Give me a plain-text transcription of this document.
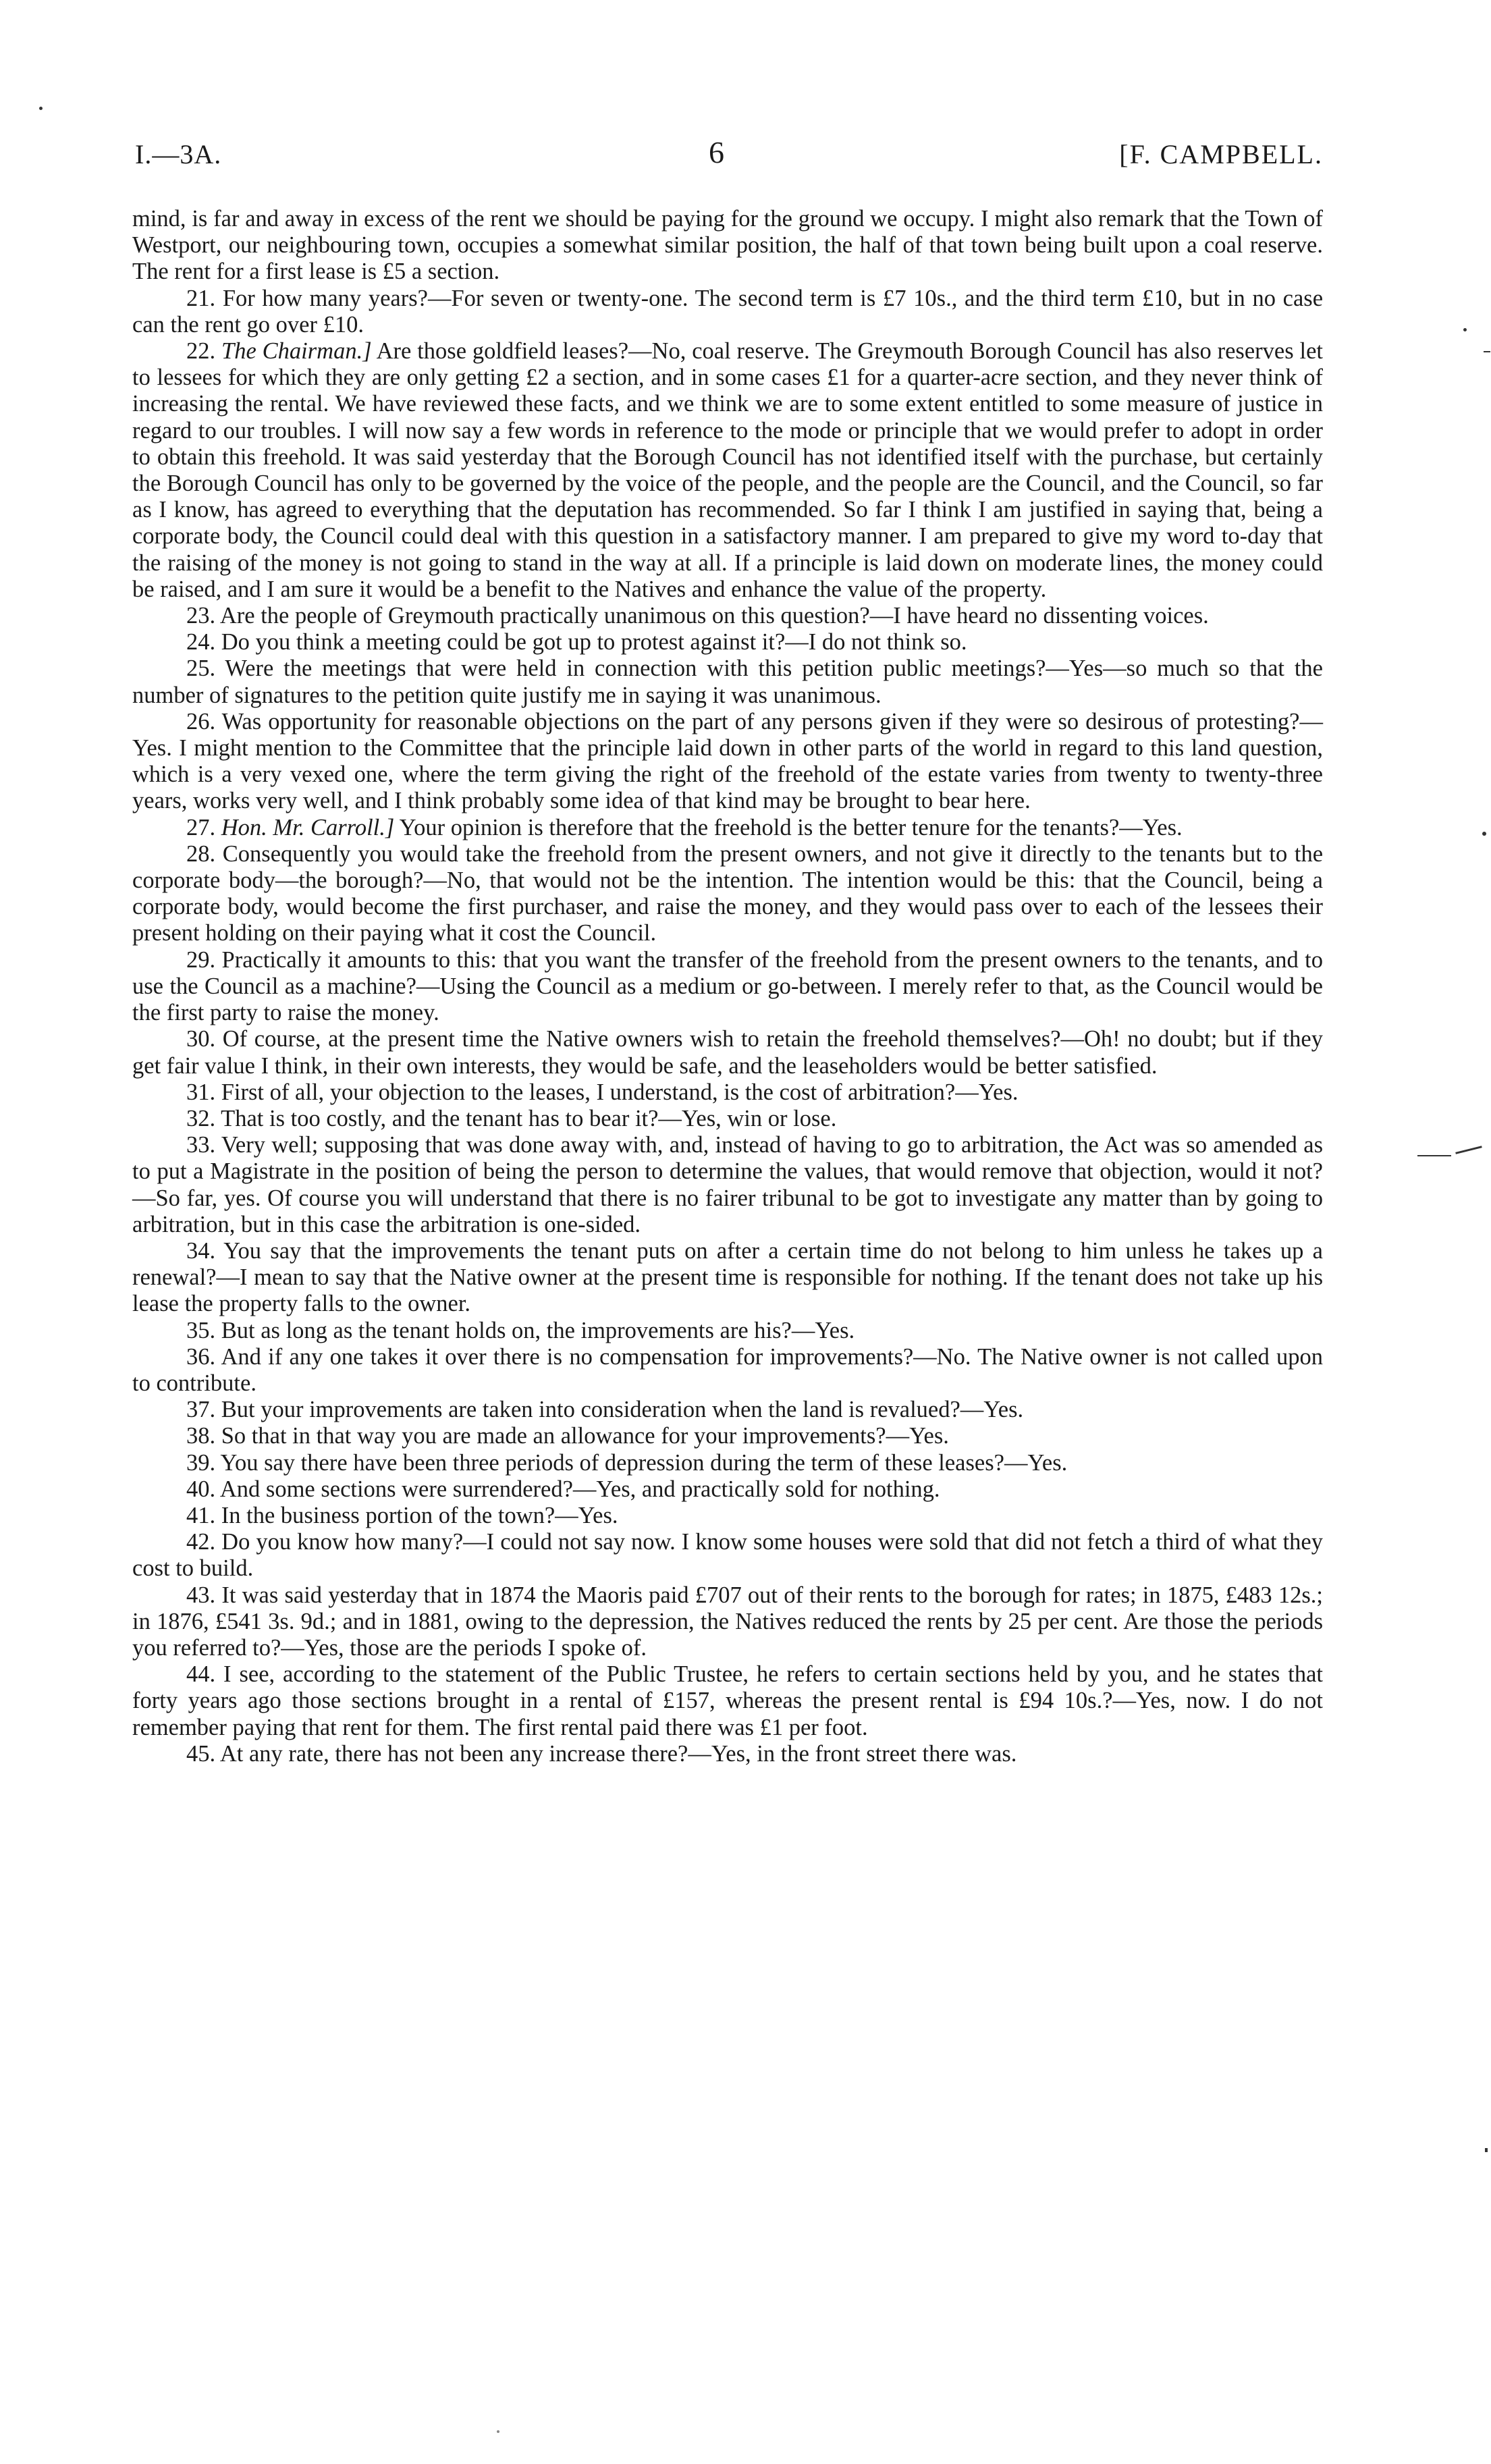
I.—3A.	6	[F. CAMPBELL.

mind, is far and away in excess of the rent we should be paying for the ground we occupy. I might also remark that the Town of Westport, our neighbouring town, occupies a somewhat similar position, the half of that town being built upon a coal reserve. The rent for a first lease is £5 a section.

21. For how many years?—For seven or twenty-one. The second term is £7 10s., and the third term £10, but in no case can the rent go over £10.

22. The Chairman.] Are those goldfield leases?—No, coal reserve. The Greymouth Borough Council has also reserves let to lessees for which they are only getting £2 a section, and in some cases £1 for a quarter-acre section, and they never think of increasing the rental. We have reviewed these facts, and we think we are to some extent entitled to some measure of justice in regard to our troubles. I will now say a few words in reference to the mode or principle that we would prefer to adopt in order to obtain this freehold. It was said yesterday that the Borough Council has not identified itself with the purchase, but certainly the Borough Council has only to be governed by the voice of the people, and the people are the Council, and the Council, so far as I know, has agreed to everything that the deputation has recommended. So far I think I am justified in saying that, being a corporate body, the Council could deal with this question in a satisfactory manner. I am prepared to give my word to-day that the raising of the money is not going to stand in the way at all. If a principle is laid down on moderate lines, the money could be raised, and I am sure it would be a benefit to the Natives and enhance the value of the property.

23. Are the people of Greymouth practically unanimous on this question?—I have heard no dissenting voices.

24. Do you think a meeting could be got up to protest against it?—I do not think so.

25. Were the meetings that were held in connection with this petition public meetings?—Yes—so much so that the number of signatures to the petition quite justify me in saying it was unanimous.

26. Was opportunity for reasonable objections on the part of any persons given if they were so desirous of protesting?—Yes. I might mention to the Committee that the principle laid down in other parts of the world in regard to this land question, which is a very vexed one, where the term giving the right of the freehold of the estate varies from twenty to twenty-three years, works very well, and I think probably some idea of that kind may be brought to bear here.

27. Hon. Mr. Carroll.] Your opinion is therefore that the freehold is the better tenure for the tenants?—Yes.

28. Consequently you would take the freehold from the present owners, and not give it directly to the tenants but to the corporate body—the borough?—No, that would not be the intention. The intention would be this: that the Council, being a corporate body, would become the first purchaser, and raise the money, and they would pass over to each of the lessees their present holding on their paying what it cost the Council.

29. Practically it amounts to this: that you want the transfer of the freehold from the present owners to the tenants, and to use the Council as a machine?—Using the Council as a medium or go-between. I merely refer to that, as the Council would be the first party to raise the money.

30. Of course, at the present time the Native owners wish to retain the freehold themselves?—Oh! no doubt; but if they get fair value I think, in their own interests, they would be safe, and the leaseholders would be better satisfied.

31. First of all, your objection to the leases, I understand, is the cost of arbitration?—Yes.

32. That is too costly, and the tenant has to bear it?—Yes, win or lose.

33. Very well; supposing that was done away with, and, instead of having to go to arbitration, the Act was so amended as to put a Magistrate in the position of being the person to determine the values, that would remove that objection, would it not?—So far, yes. Of course you will understand that there is no fairer tribunal to be got to investigate any matter than by going to arbitration, but in this case the arbitration is one-sided.

34. You say that the improvements the tenant puts on after a certain time do not belong to him unless he takes up a renewal?—I mean to say that the Native owner at the present time is responsible for nothing. If the tenant does not take up his lease the property falls to the owner.

35. But as long as the tenant holds on, the improvements are his?—Yes.

36. And if any one takes it over there is no compensation for improvements?—No. The Native owner is not called upon to contribute.

37. But your improvements are taken into consideration when the land is revalued?—Yes.

38. So that in that way you are made an allowance for your improvements?—Yes.

39. You say there have been three periods of depression during the term of these leases?—Yes.

40. And some sections were surrendered?—Yes, and practically sold for nothing.

41. In the business portion of the town?—Yes.

42. Do you know how many?—I could not say now. I know some houses were sold that did not fetch a third of what they cost to build.

43. It was said yesterday that in 1874 the Maoris paid £707 out of their rents to the borough for rates; in 1875, £483 12s.; in 1876, £541 3s. 9d.; and in 1881, owing to the depression, the Natives reduced the rents by 25 per cent. Are those the periods you referred to?—Yes, those are the periods I spoke of.

44. I see, according to the statement of the Public Trustee, he refers to certain sections held by you, and he states that forty years ago those sections brought in a rental of £157, whereas the present rental is £94 10s.?—Yes, now. I do not remember paying that rent for them. The first rental paid there was £1 per foot.

45. At any rate, there has not been any increase there?—Yes, in the front street there was.
